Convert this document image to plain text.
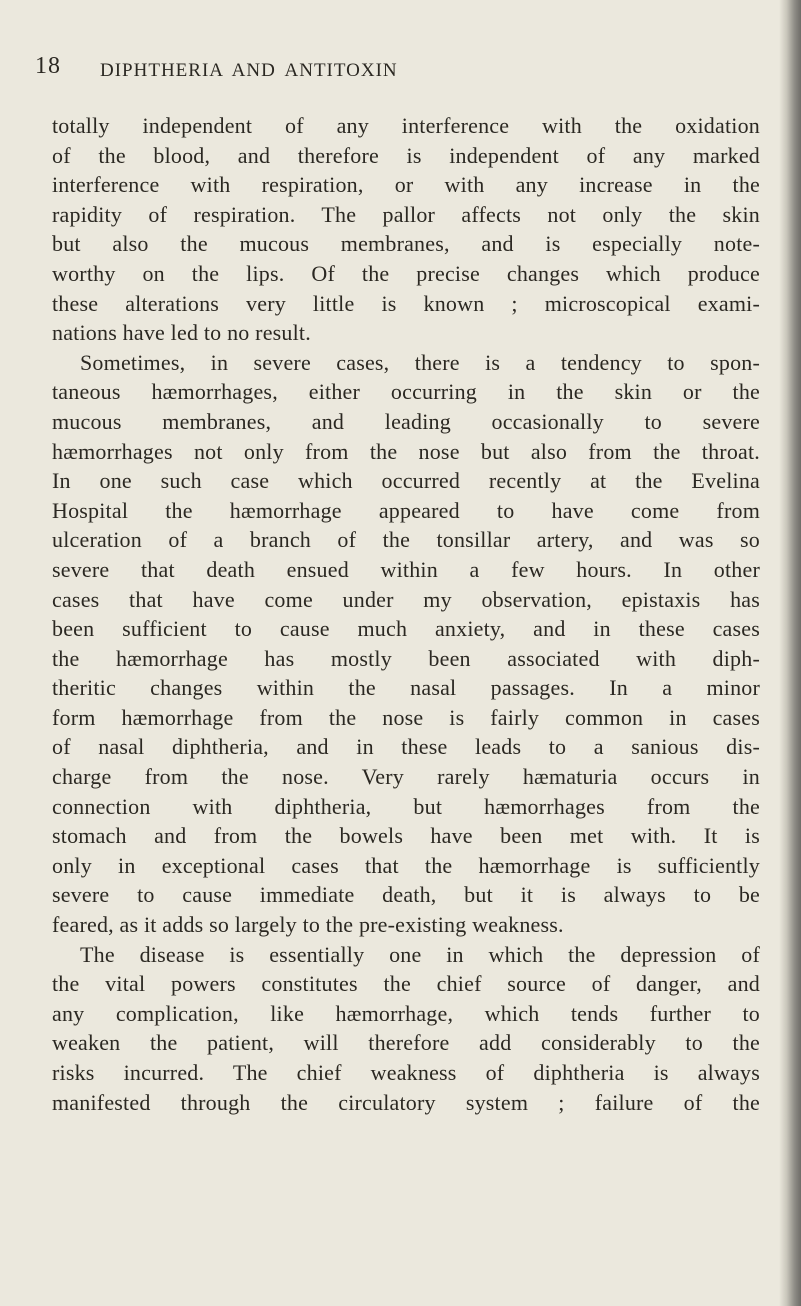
18 DIPHTHERIA AND ANTITOXIN
totally independent of any interference with the oxidation
of the blood, and therefore is independent of any marked
interference with respiration, or with any increase in the
rapidity of respiration. The pallor affects not only the skin
but also the mucous membranes, and is especially note-
worthy on the lips. Of the precise changes which produce
these alterations very little is known ; microscopical exami-
nations have led to no result.
Sometimes, in severe cases, there is a tendency to spon-
taneous hæmorrhages, either occurring in the skin or the
mucous membranes, and leading occasionally to severe
hæmorrhages not only from the nose but also from the throat.
In one such case which occurred recently at the Evelina
Hospital the hæmorrhage appeared to have come from
ulceration of a branch of the tonsillar artery, and was so
severe that death ensued within a few hours. In other
cases that have come under my observation, epistaxis has
been sufficient to cause much anxiety, and in these cases
the hæmorrhage has mostly been associated with diph-
theritic changes within the nasal passages. In a minor
form hæmorrhage from the nose is fairly common in cases
of nasal diphtheria, and in these leads to a sanious dis-
charge from the nose. Very rarely hæmaturia occurs in
connection with diphtheria, but hæmorrhages from the
stomach and from the bowels have been met with. It is
only in exceptional cases that the hæmorrhage is sufficiently
severe to cause immediate death, but it is always to be
feared, as it adds so largely to the pre-existing weakness.
The disease is essentially one in which the depression of
the vital powers constitutes the chief source of danger, and
any complication, like hæmorrhage, which tends further to
weaken the patient, will therefore add considerably to the
risks incurred. The chief weakness of diphtheria is always
manifested through the circulatory system ; failure of the
